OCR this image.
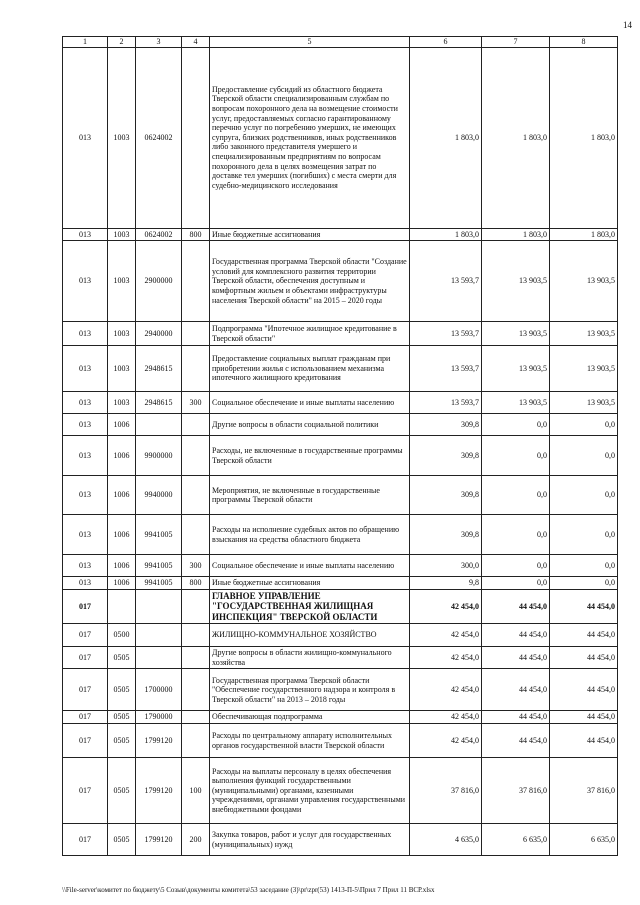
14
1	2	3	4	5	6	7	8
013	1003	0624002		Предоставление субсидий из областного бюджета Тверской области специализированным службам по вопросам похоронного дела на возмещение стоимости услуг, предоставляемых согласно гарантированному перечню услуг по погребению умерших, не имеющих супруга, близких родственников, иных родственников либо законного представителя умершего и специализированным предприятиям по вопросам похоронного дела в целях возмещения затрат по доставке тел умерших (погибших) с места смерти для судебно-медицинского исследования	1 803,0	1 803,0	1 803,0
013	1003	0624002	800	Иные бюджетные ассигнования	1 803,0	1 803,0	1 803,0
013	1003	2900000		Государственная программа Тверской области "Создание условий для комплексного развития территории Тверской области, обеспечения доступным и комфортным жильем и объектами инфраструктуры населения Тверской области" на 2015 – 2020 годы	13 593,7	13 903,5	13 903,5
013	1003	2940000		Подпрограмма "Ипотечное жилищное кредитование в Тверской области"	13 593,7	13 903,5	13 903,5
013	1003	2948615		Предоставление социальных выплат гражданам при приобретении жилья с использованием механизма ипотечного жилищного кредитования	13 593,7	13 903,5	13 903,5
013	1003	2948615	300	Социальное обеспечение и иные выплаты населению	13 593,7	13 903,5	13 903,5
013	1006			Другие вопросы в области социальной политики	309,8	0,0	0,0
013	1006	9900000		Расходы, не включенные в государственные программы Тверской области	309,8	0,0	0,0
013	1006	9940000		Мероприятия, не включенные в государственные программы Тверской области	309,8	0,0	0,0
013	1006	9941005		Расходы на исполнение судебных актов по обращению взыскания на средства областного бюджета	309,8	0,0	0,0
013	1006	9941005	300	Социальное обеспечение и иные выплаты населению	300,0	0,0	0,0
013	1006	9941005	800	Иные бюджетные ассигнования	9,8	0,0	0,0
017				ГЛАВНОЕ УПРАВЛЕНИЕ "ГОСУДАРСТВЕННАЯ ЖИЛИЩНАЯ ИНСПЕКЦИЯ" ТВЕРСКОЙ ОБЛАСТИ	42 454,0	44 454,0	44 454,0
017	0500			ЖИЛИЩНО-КОММУНАЛЬНОЕ ХОЗЯЙСТВО	42 454,0	44 454,0	44 454,0
017	0505			Другие вопросы в области жилищно-коммунального хозяйства	42 454,0	44 454,0	44 454,0
017	0505	1700000		Государственная программа Тверской области "Обеспечение государственного надзора и контроля в Тверской области" на 2013 – 2018 годы	42 454,0	44 454,0	44 454,0
017	0505	1790000		Обеспечивающая подпрограмма	42 454,0	44 454,0	44 454,0
017	0505	1799120		Расходы по центральному аппарату исполнительных органов государственной власти Тверской области	42 454,0	44 454,0	44 454,0
017	0505	1799120	100	Расходы на выплаты персоналу в целях обеспечения выполнения функций государственными (муниципальными) органами, казенными учреждениями, органами управления государственными внебюджетными фондами	37 816,0	37 816,0	37 816,0
017	0505	1799120	200	Закупка товаров, работ и услуг для государственных (муниципальных) нужд	4 635,0	6 635,0	6 635,0
\\File-server\комитет по бюджету\5 Созыв\документы комитета\53 заседание (3)\pr\zpr(53) 1413-П-5\Прил 7 Прил 11 ВСР.xlsx
